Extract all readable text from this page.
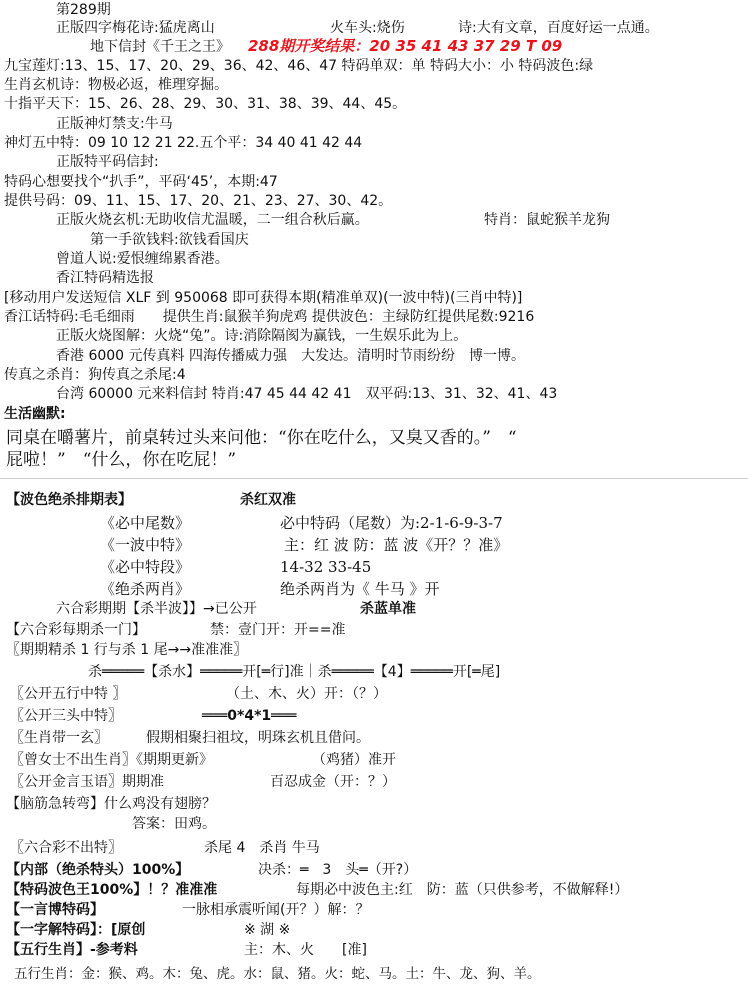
第289期
正版四字梅花诗:猛虎离山	火车头:烧伤	诗:大有文章，百度好运一点通。
地下信封《千王之王》 288期开奖结果：20 35 41 43 37 29 T 09
九宝莲灯:13、15、17、20、29、36、42、46、47 特码单双：单 特码大小：小 特码波色:绿
生肖玄机诗：物极必返，椎理穿掘。
十指平天下：15、26、28、29、30、31、38、39、44、45。
正版神灯禁支:牛马
神灯五中特：09 10 12 21 22.五个平：34 40 41 42 44
正版特平码信封:
特码心想要找个“扒手”，平码‘45’，本期:47
提供号码：09、11、15、17、20、21、23、27、30、42。
正版火烧玄机:无助收信尤温暖，二一组合秋后赢。	特肖：鼠蛇猴羊龙狗
第一手欲钱料:欲钱看国庆
曾道人说:爱恨缠绵累香港。
香江特码精选报
[移动用户发送短信 XLF 到 950068 即可获得本期(精准单双)(一波中特)(三肖中特)]
香江话特码:毛毛细雨　　提供生肖:鼠猴羊狗虎鸡 提供波色：主绿防红提供尾数:9216
正版火烧图解：火烧“兔”。诗:消除隔阂为赢钱，一生娱乐此为上。
香港 6000 元传真料 四海传播威力强　大发达。清明时节雨纷纷　博一博。
传真之杀肖：狗传真之杀尾:4
台湾 60000 元来料信封 特肖:47 45 44 42 41　双平码:13、31、32、41、43
生活幽默:
同桌在嚼薯片，前桌转过头来问他：“你在吃什么，又臭又香的。”　“
屁啦！”　“什么，你在吃屁！”
【波色绝杀排期表】	杀红双准
《必中尾数》	必中特码（尾数）为:2-1-6-9-3-7
《一波中特》	主：红 波 防：蓝 波《开？？准》
《必中特段》	14-32 33-45
《绝杀两肖》	绝杀两肖为《 牛马 》开
六合彩期期【杀半波】】→已公开	杀蓝单准
【六合彩每期杀一门】	禁：壹门开：开==准
〖期期精杀 1 行与杀 1 尾→→准准准〗
杀═════【杀水】═════开[═行]准｜杀═════【4】═════开[═尾]
〖公开五行中特 〗	（土、木、火）开：（？）
〖公开三头中特〗	═══0*4*1═══
〖生肖带一玄〗	假期相聚扫祖坟，明珠玄机且借问。
〖曾女士不出生肖〗《期期更新》	（鸡猪）准开
〖公开金言玉语〗期期准	百忍成金（开：？）
【脑筋急转弯】什么鸡没有翅膀？
答案：田鸡。
〖六合彩不出特〗	杀尾 4　杀肖 牛马
【内部（绝杀特头）100%】	决杀：═　3　头═（开?）
【特码波色王100%】！？准准准	每期必中波色主:红　防：蓝（只供参考，不做解释!）
【一言博特码】	一脉相承震听闻(开？）解：？
【一字解特码】：[原创	※ 湖 ※
【五行生肖】-参考料	主：木、火　　[准]
五行生肖：金：猴、鸡。木：兔、虎。水：鼠、猪。火：蛇、马。土：牛、龙、狗、羊。
